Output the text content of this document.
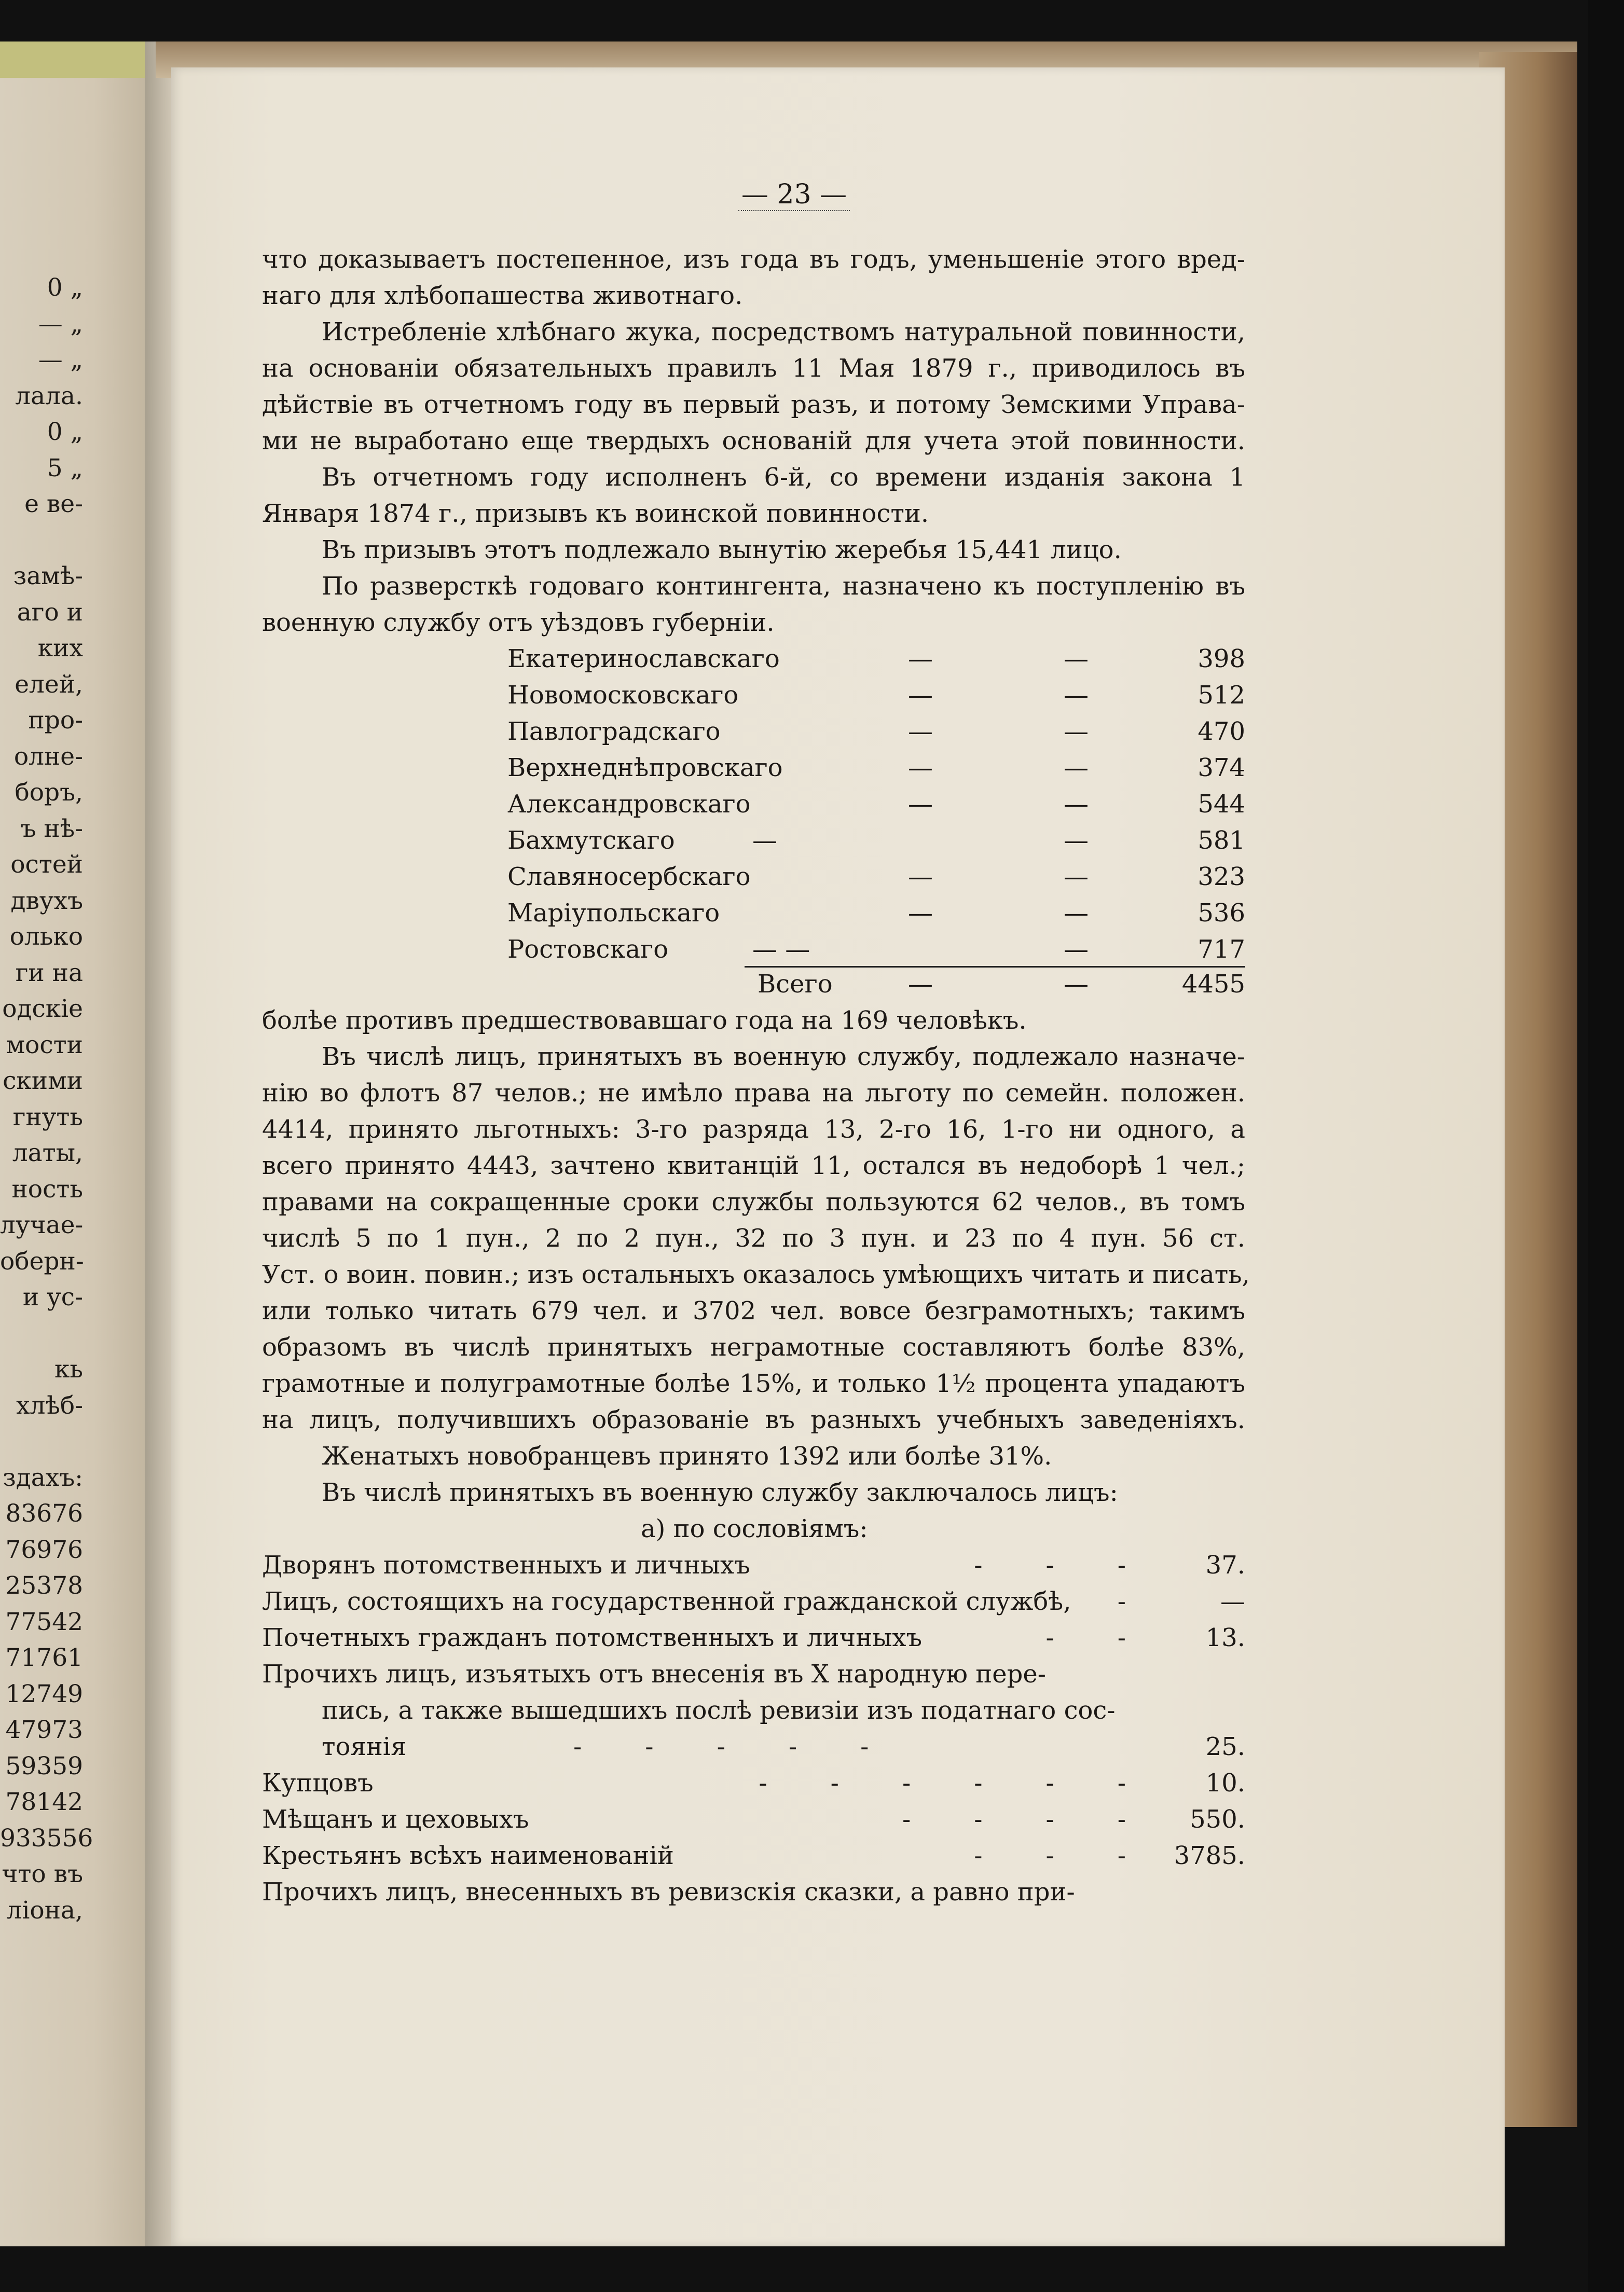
0 „
— „
— „
лала.
0 „
5 „
е ве-
замѣ-
аго и
ких
елей,
про-
олне-
боръ,
ъ нѣ-
остей
двухъ
олько
ги на
одскіе
мости
скими
гнуть
латы,
ность
лучае-
оберн-
и ус-
кь
хлѣб-
здахъ:
83676
76976
25378
77542
71761
12749
47973
59359
78142
933556
что въ
ліона,
— 23 —
что доказываетъ постепенное, изъ года въ годъ, уменьшеніе этого вред-
наго для хлѣбопашества животнаго.
Истребленіе хлѣбнаго жука, посредствомъ натуральной повинности,
на основаніи обязательныхъ правилъ 11 Мая 1879 г., приводилось въ
дѣйствіе въ отчетномъ году въ первый разъ, и потому Земскими Управа-
ми не выработано еще твердыхъ основаній для учета этой повинности.
Въ отчетномъ году исполненъ 6-й, со времени изданія закона 1
Января 1874 г., призывъ къ воинской повинности.
Въ призывъ этотъ подлежало вынутію жеребья 15,441 лицо.
По разверсткѣ годоваго контингента, назначено къ поступленію въ
военную службу отъ уѣздовъ губерніи.
Екатеринославскаго	—	—	398
Новомосковскаго	—	—	512
Павлоградскаго	—	—	470
Верхнеднѣпровскаго	—	—	374
Александровскаго	—	—	544
Бахмутскаго	—	—	581
Славяносербскаго	—	—	323
Маріупольскаго	—	—	536
Ростовскаго	— —	—	717
Всего	—	—	4455
болѣе противъ предшествовавшаго года на 169 человѣкъ.
Въ числѣ лицъ, принятыхъ въ военную службу, подлежало назначе-
нію во флотъ 87 челов.; не имѣло права на льготу по семейн. положен.
4414, принято льготныхъ: 3-го разряда 13, 2-го 16, 1-го ни одного, а
всего принято 4443, зачтено квитанцій 11, остался въ недоборѣ 1 чел.;
правами на сокращенные сроки службы пользуются 62 челов., въ томъ
числѣ 5 по 1 пун., 2 по 2 пун., 32 по 3 пун. и 23 по 4 пун. 56 ст.
Уст. о воин. повин.; изъ остальныхъ оказалось умѣющихъ читать и писать,
или только читать 679 чел. и 3702 чел. вовсе безграмотныхъ; такимъ
образомъ въ числѣ принятыхъ неграмотные составляютъ болѣе 83%,
грамотные и полуграмотные болѣе 15%, и только 1½ процента упадаютъ
на лицъ, получившихъ образованіе въ разныхъ учебныхъ заведеніяхъ.
Женатыхъ новобранцевъ принято 1392 или болѣе 31%.
Въ числѣ принятыхъ въ военную службу заключалось лицъ:
а) по сословіямъ:
Дворянъ потомственныхъ и личныхъ	-        -        -	37.
Лицъ, состоящихъ на государственной гражданской службѣ, -	—
Почетныхъ гражданъ потомственныхъ и личныхъ	-        -	13.
Прочихъ лицъ, изъятыхъ отъ внесенія въ X народную пере-
пись, а также вышедшихъ послѣ ревизіи изъ податнаго сос-
тоянія	-        -        -        -        -	25.
Купцовъ	-        -        -        -        -        -	10.
Мѣщанъ и цеховыхъ	-        -        -        -	550.
Крестьянъ всѣхъ наименованій	-        -        - 3785.
Прочихъ лицъ, внесенныхъ въ ревизскія сказки, а равно при-
